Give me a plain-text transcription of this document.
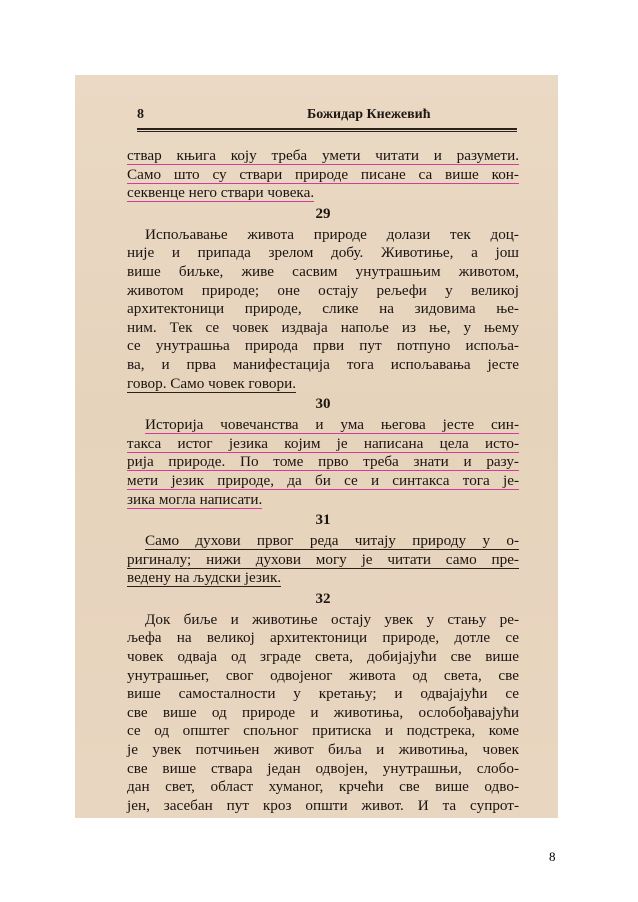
8	Божидар Кнежевић
ствар књига коју треба умети читати и разумети.
Само што су ствари природе писане са више кон-
секвенце него ствари човека.
29
Испољавање живота природе долази тек доц-
није и припада зрелом добу. Животиње, а још
више биљке, живе сасвим унутрашњим животом,
животом природе; оне остају рељефи у великој
архитектоници природе, слике на зидовима ње-
ним. Тек се човек издваја напоље из ње, у њему
се унутрашња природа први пут потпуно испољa-
ва, и прва манифестација тога испољавања јесте
говор. Само човек говори.
30
Историја човечанства и ума његова јесте син-
такса истог језика којим је написана цела исто-
рија природе. По томе прво треба знати и разу-
мети језик природе, да би се и синтакса тога је-
зика могла написати.
31
Само духови првог реда читају природу у о-
ригиналу; нижи духови могу је читати само пре-
ведену на људски језик.
32
Док биље и животиње остају увек у стању ре-
љефа на великој архитектоници природе, дотле се
човек одваја од зграде света, добијајући све више
унутрашњег, свог одвојеног живота од света, све
више самосталности у кретању; и одвајајући се
све више од природе и животиња, ослобођавајући
се од општег спољног притиска и подстрека, коме
је увек потчињен живот биља и животиња, човек
све више ствара један одвојен, унутрашњи, слобо-
дан свет, област хуманог, крчећи све више одво-
јен, засебан пут кроз општи живот. И та супрот-
8
